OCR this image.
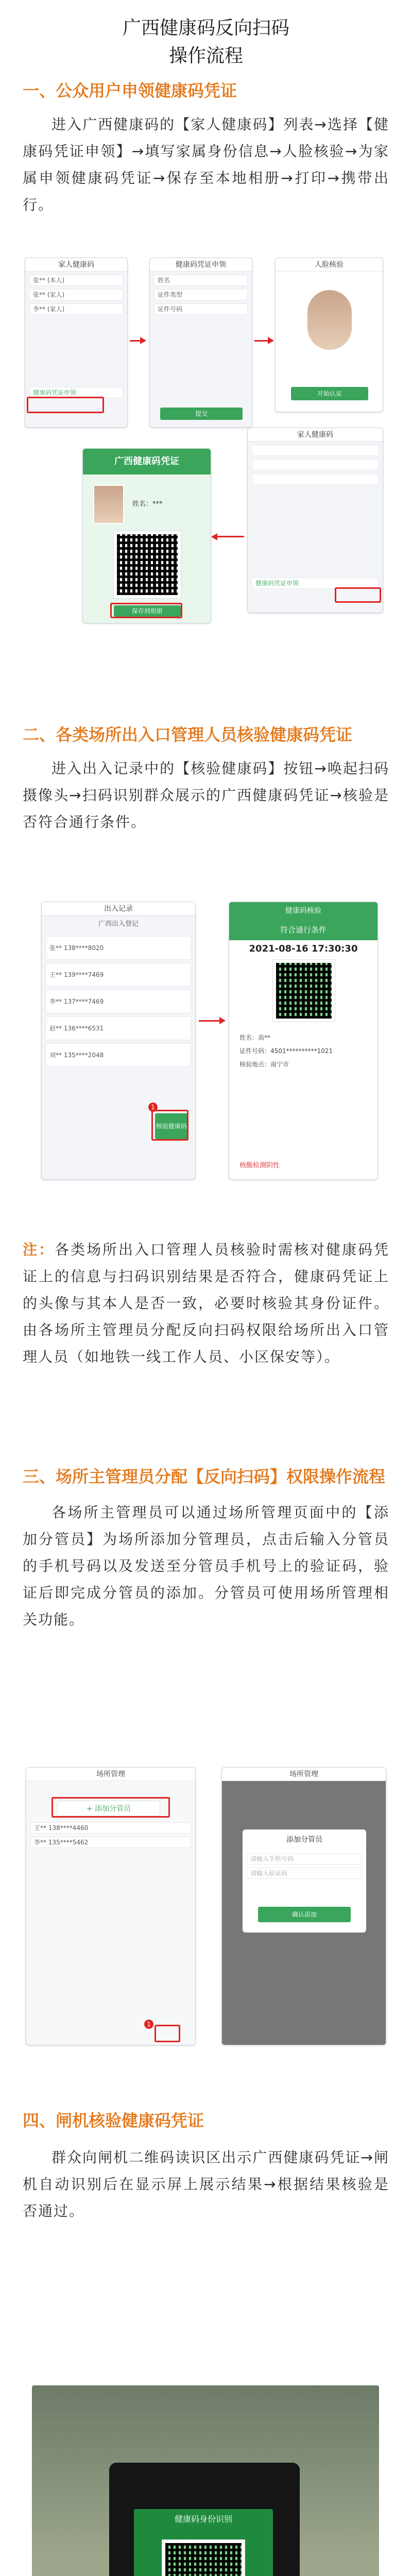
广西健康码反向扫码
操作流程
一、公众用户申领健康码凭证
进入广西健康码的【家人健康码】列表→选择【健康码凭证申领】→填写家属身份信息→人脸核验→为家属申领健康码凭证→保存至本地相册→打印→携带出行。
家人健康码
张** (本人)
张** (家人)
李** (家人)
健康码凭证申领
健康码凭证申领
姓名
证件类型
证件号码
提交
人脸核验
开始认证
广西健康码凭证
姓名：***
保存到相册
家人健康码
健康码凭证申领
二、各类场所出入口管理人员核验健康码凭证
进入出入记录中的【核验健康码】按钮→唤起扫码摄像头→扫码识别群众展示的广西健康码凭证→核验是否符合通行条件。
出入记录
广西出入登记
张** 138****8020
王** 139****7469
李** 137****7469
赵** 136****6531
刘** 135****2048
核验健康码
1
健康码核验
符合通行条件
2021-08-16 17:30:30
姓名：高**
证件号码：4501**********1021
核验地点：南宁市
核酸检测阴性
注：各类场所出入口管理人员核验时需核对健康码凭证上的信息与扫码识别结果是否符合，健康码凭证上的头像与其本人是否一致，必要时核验其身份证件。由各场所主管理员分配反向扫码权限给场所出入口管理人员（如地铁一线工作人员、小区保安等）。
三、场所主管理员分配【反向扫码】权限操作流程
各场所主管理员可以通过场所管理页面中的【添加分管员】为场所添加分管理员，点击后输入分管员的手机号码以及发送至分管员手机号上的验证码，验证后即完成分管员的添加。分管员可使用场所管理相关功能。
场所管理
+ 添加分管员
王** 138****4460
李** 135****5462
1
场所管理
添加分管员
请输入手机号码
请输入验证码
确认添加
四、闸机核验健康码凭证
群众向闸机二维码读识区出示广西健康码凭证→闸机自动识别后在显示屏上展示结果→根据结果核验是否通过。
健康码身份识别
